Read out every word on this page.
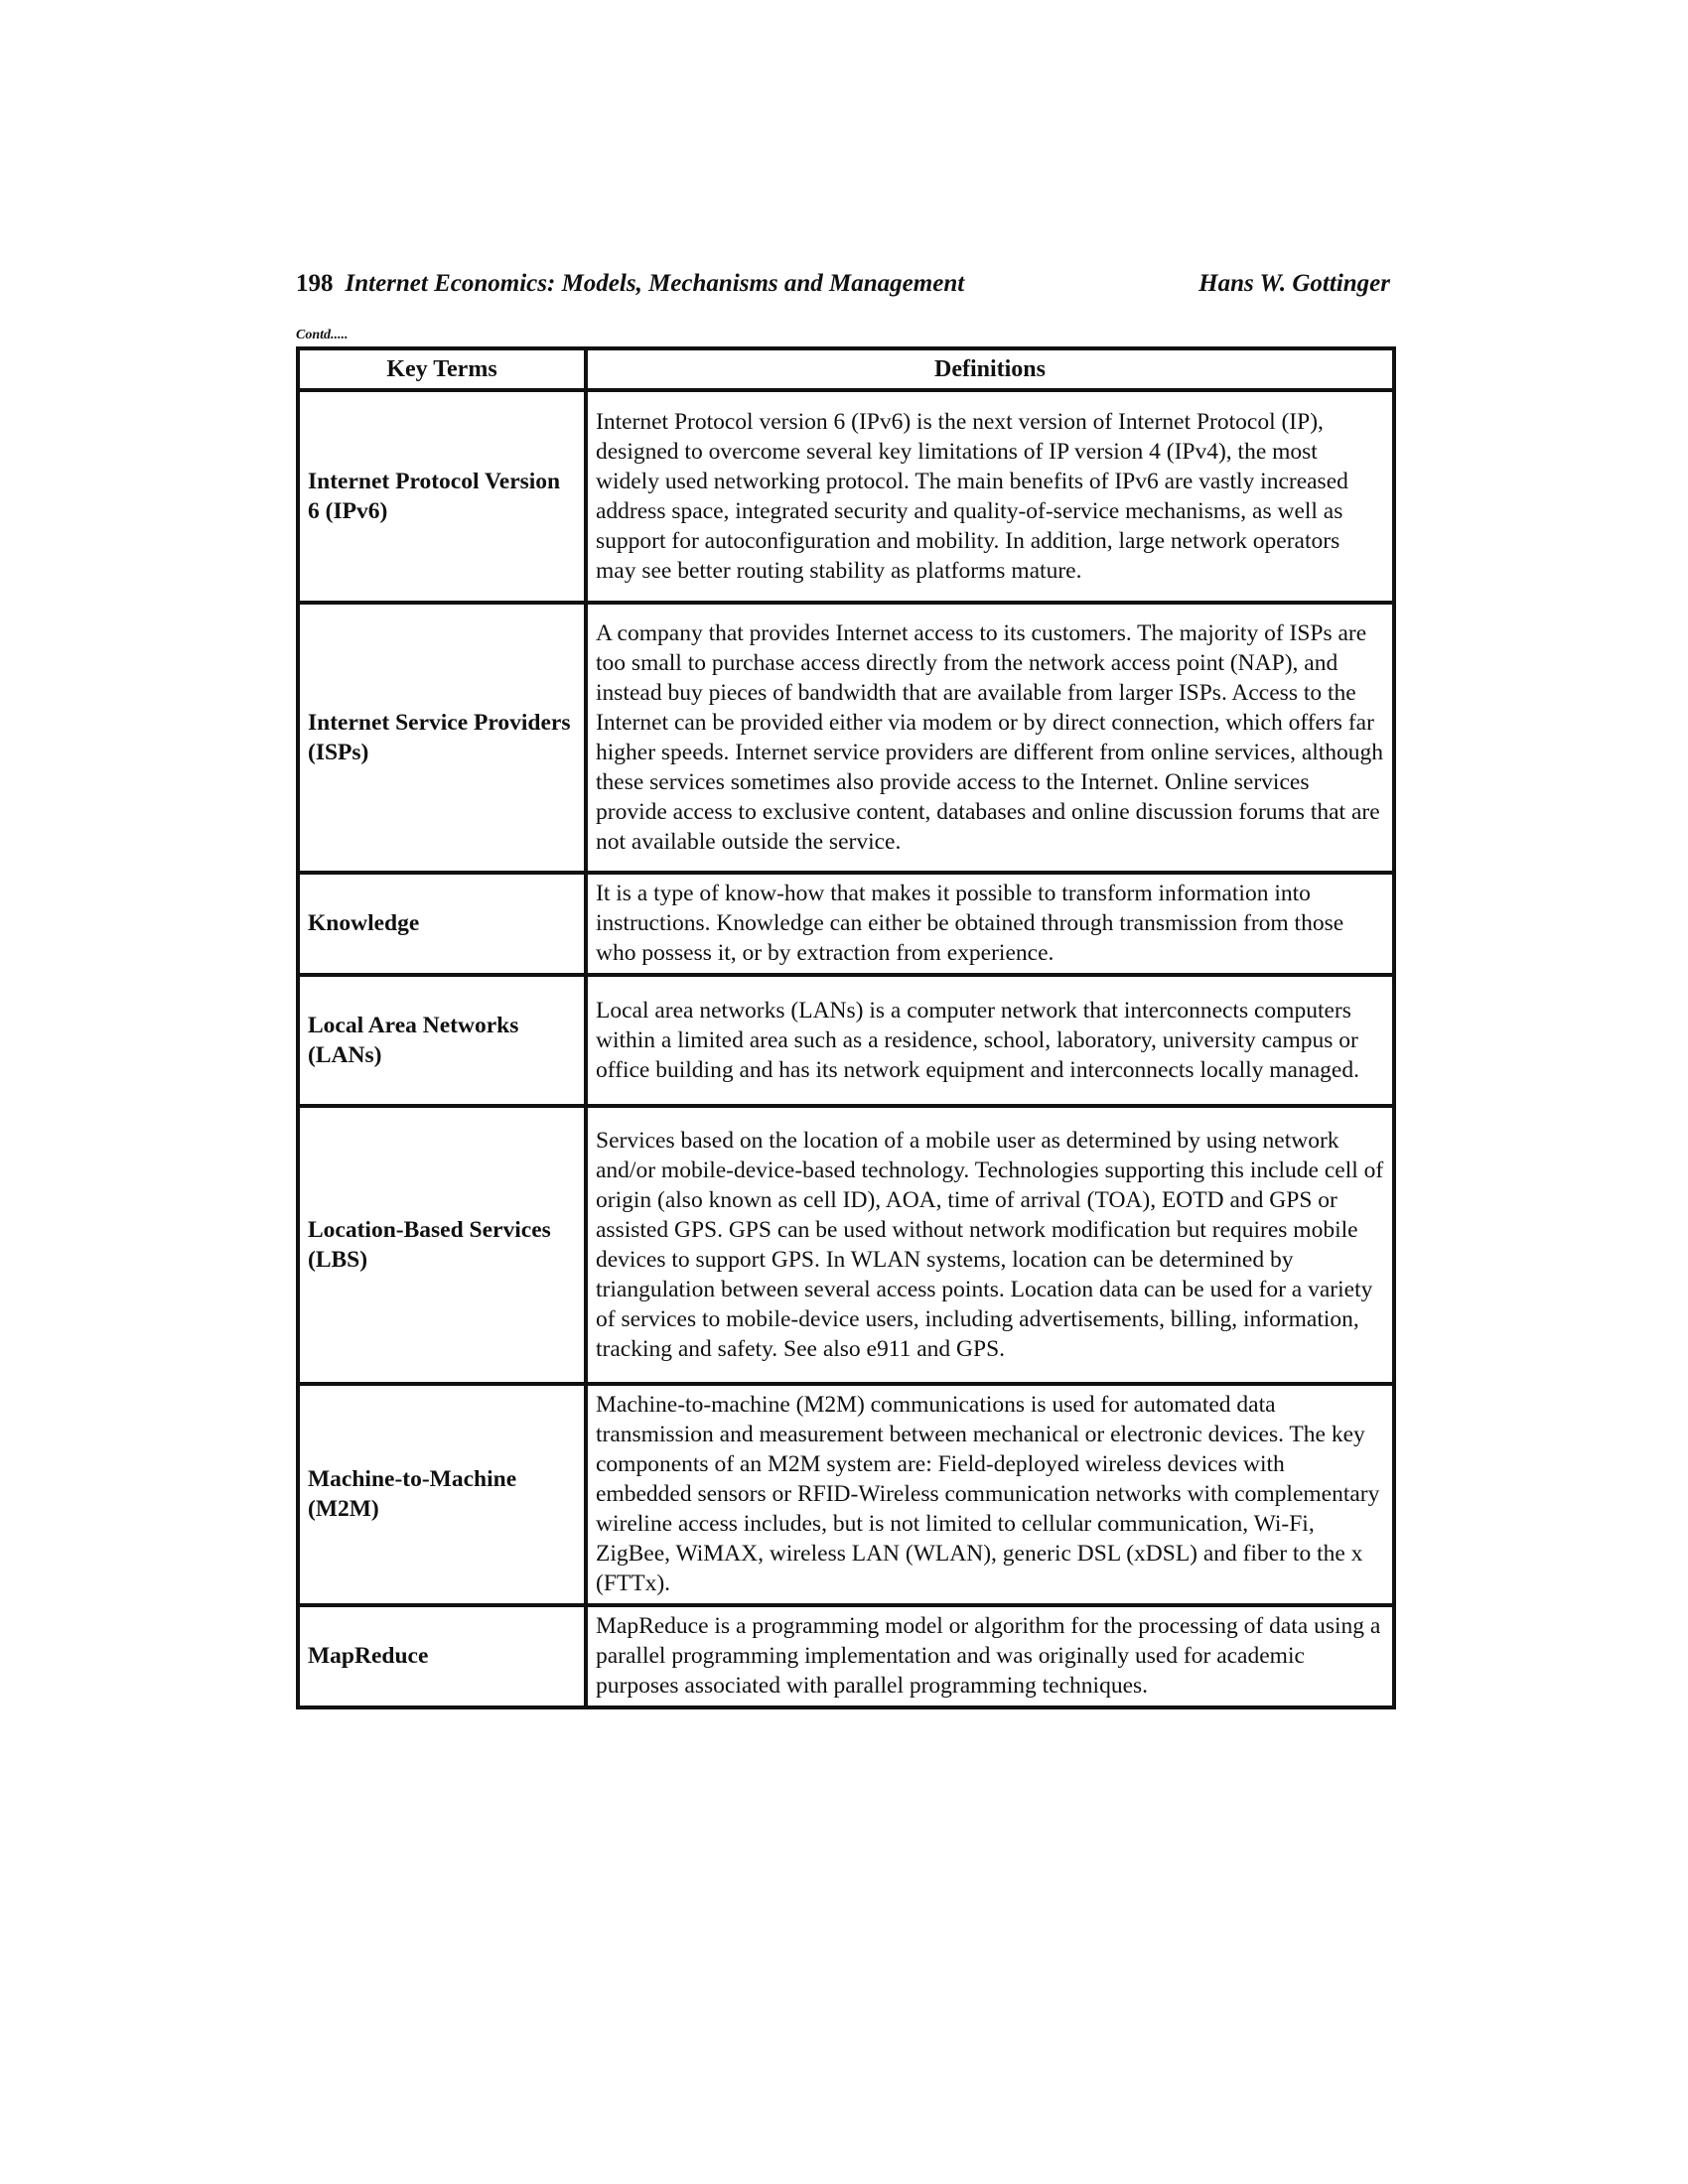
198 Internet Economics: Models, Mechanisms and Management	Hans W. Gottinger
Contd.....
Key Terms	Definitions
Internet Protocol Version 6 (IPv6)	Internet Protocol version 6 (IPv6) is the next version of Internet Protocol (IP), designed to overcome several key limitations of IP version 4 (IPv4), the most widely used networking protocol. The main benefits of IPv6 are vastly increased address space, integrated security and quality-of-service mechanisms, as well as support for autoconfiguration and mobility. In addition, large network operators may see better routing stability as platforms mature.
Internet Service Providers (ISPs)	A company that provides Internet access to its customers. The majority of ISPs are too small to purchase access directly from the network access point (NAP), and instead buy pieces of bandwidth that are available from larger ISPs. Access to the Internet can be provided either via modem or by direct connection, which offers far higher speeds. Internet service providers are different from online services, although these services sometimes also provide access to the Internet. Online services provide access to exclusive content, databases and online discussion forums that are not available outside the service.
Knowledge	It is a type of know-how that makes it possible to transform information into instructions. Knowledge can either be obtained through transmission from those who possess it, or by extraction from experience.
Local Area Networks (LANs)	Local area networks (LANs) is a computer network that interconnects computers within a limited area such as a residence, school, laboratory, university campus or office building and has its network equipment and interconnects locally managed.
Location-Based Services (LBS)	Services based on the location of a mobile user as determined by using network and/or mobile-device-based technology. Technologies supporting this include cell of origin (also known as cell ID), AOA, time of arrival (TOA), EOTD and GPS or assisted GPS. GPS can be used without network modification but requires mobile devices to support GPS. In WLAN systems, location can be determined by triangulation between several access points. Location data can be used for a variety of services to mobile-device users, including advertisements, billing, information, tracking and safety. See also e911 and GPS.
Machine-to-Machine (M2M)	Machine-to-machine (M2M) communications is used for automated data transmission and measurement between mechanical or electronic devices. The key components of an M2M system are: Field-deployed wireless devices with embedded sensors or RFID-Wireless communication networks with complementary wireline access includes, but is not limited to cellular communication, Wi-Fi, ZigBee, WiMAX, wireless LAN (WLAN), generic DSL (xDSL) and fiber to the x (FTTx).
MapReduce	MapReduce is a programming model or algorithm for the processing of data using a parallel programming implementation and was originally used for academic purposes associated with parallel programming techniques.
